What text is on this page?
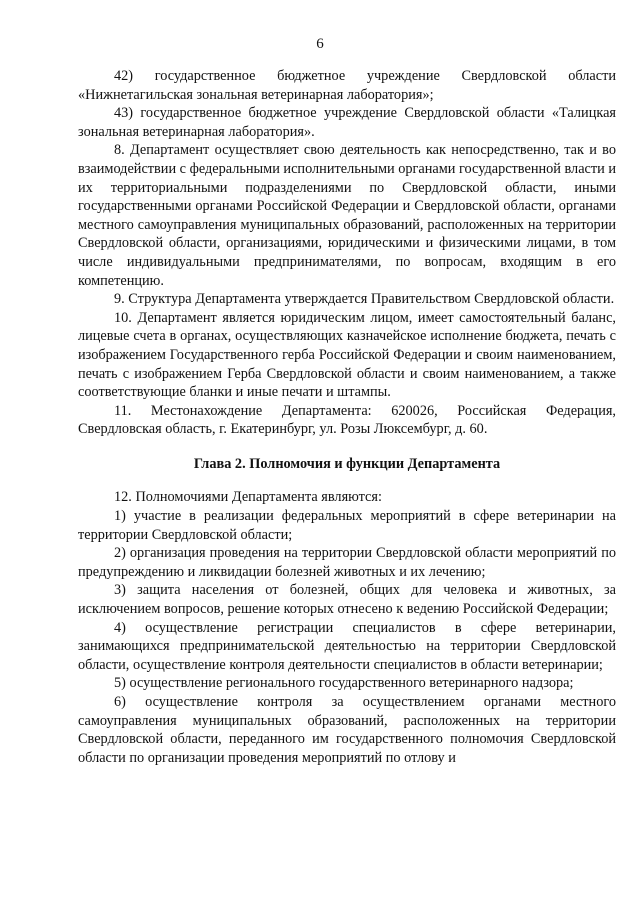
6

42) государственное бюджетное учреждение Свердловской области «Нижнетагильская зональная ветеринарная лаборатория»;

43) государственное бюджетное учреждение Свердловской области «Талицкая зональная ветеринарная лаборатория».

8. Департамент осуществляет свою деятельность как непосредственно, так и во взаимодействии с федеральными исполнительными органами государственной власти и их территориальными подразделениями по Свердловской области, иными государственными органами Российской Федерации и Свердловской области, органами местного самоуправления муниципальных образований, расположенных на территории Свердловской области, организациями, юридическими и физическими лицами, в том числе индивидуальными предпринимателями, по вопросам, входящим в его компетенцию.

9. Структура Департамента утверждается Правительством Свердловской области.

10. Департамент является юридическим лицом, имеет самостоятельный баланс, лицевые счета в органах, осуществляющих казначейское исполнение бюджета, печать с изображением Государственного герба Российской Федерации и своим наименованием, печать с изображением Герба Свердловской области и своим наименованием, а также соответствующие бланки и иные печати и штампы.

11. Местонахождение Департамента: 620026, Российская Федерация, Свердловская область, г. Екатеринбург, ул. Розы Люксембург, д. 60.

Глава 2. Полномочия и функции Департамента

12. Полномочиями Департамента являются:

1) участие в реализации федеральных мероприятий в сфере ветеринарии на территории Свердловской области;

2) организация проведения на территории Свердловской области мероприятий по предупреждению и ликвидации болезней животных и их лечению;

3) защита населения от болезней, общих для человека и животных, за исключением вопросов, решение которых отнесено к ведению Российской Федерации;

4) осуществление регистрации специалистов в сфере ветеринарии, занимающихся предпринимательской деятельностью на территории Свердловской области, осуществление контроля деятельности специалистов в области ветеринарии;

5) осуществление регионального государственного ветеринарного надзора;

6) осуществление контроля за осуществлением органами местного самоуправления муниципальных образований, расположенных на территории Свердловской области, переданного им государственного полномочия Свердловской области по организации проведения мероприятий по отлову и
